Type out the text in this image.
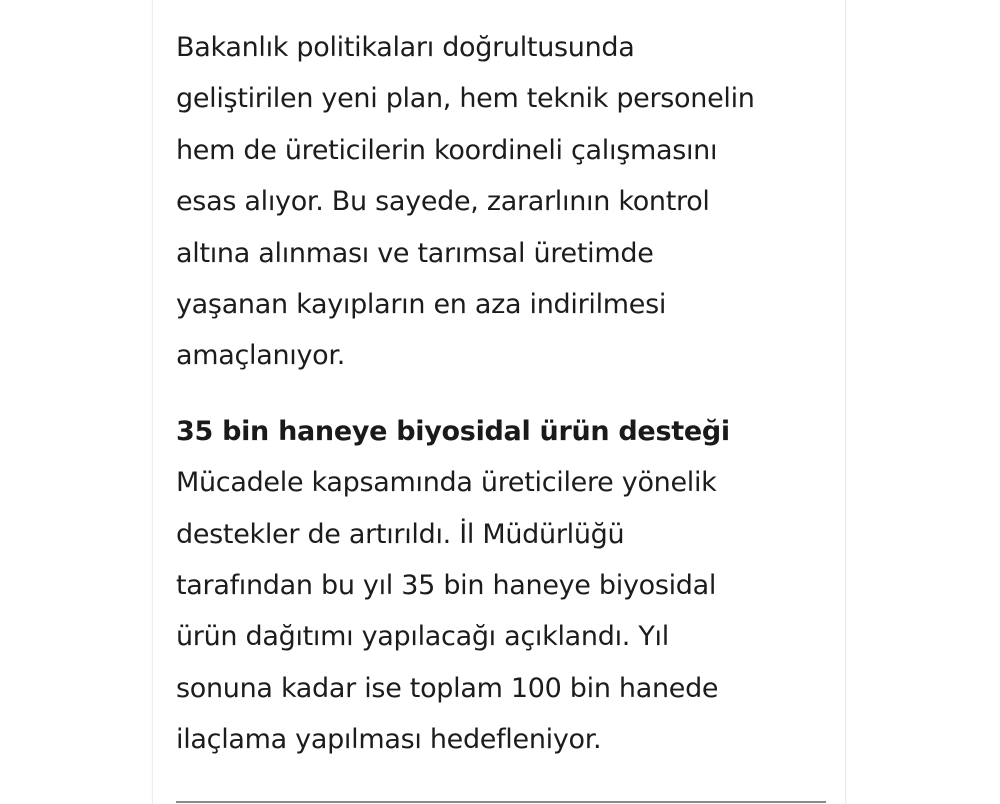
Bakanlık politikaları doğrultusunda
geliştirilen yeni plan, hem teknik personelin
hem de üreticilerin koordineli çalışmasını
esas alıyor. Bu sayede, zararlının kontrol
altına alınması ve tarımsal üretimde
yaşanan kayıpların en aza indirilmesi
amaçlanıyor.

35 bin haneye biyosidal ürün desteği

Mücadele kapsamında üreticilere yönelik
destekler de artırıldı. İl Müdürlüğü
tarafından bu yıl 35 bin haneye biyosidal
ürün dağıtımı yapılacağı açıklandı. Yıl
sonuna kadar ise toplam 100 bin hanede
ilaçlama yapılması hedefleniyor.
